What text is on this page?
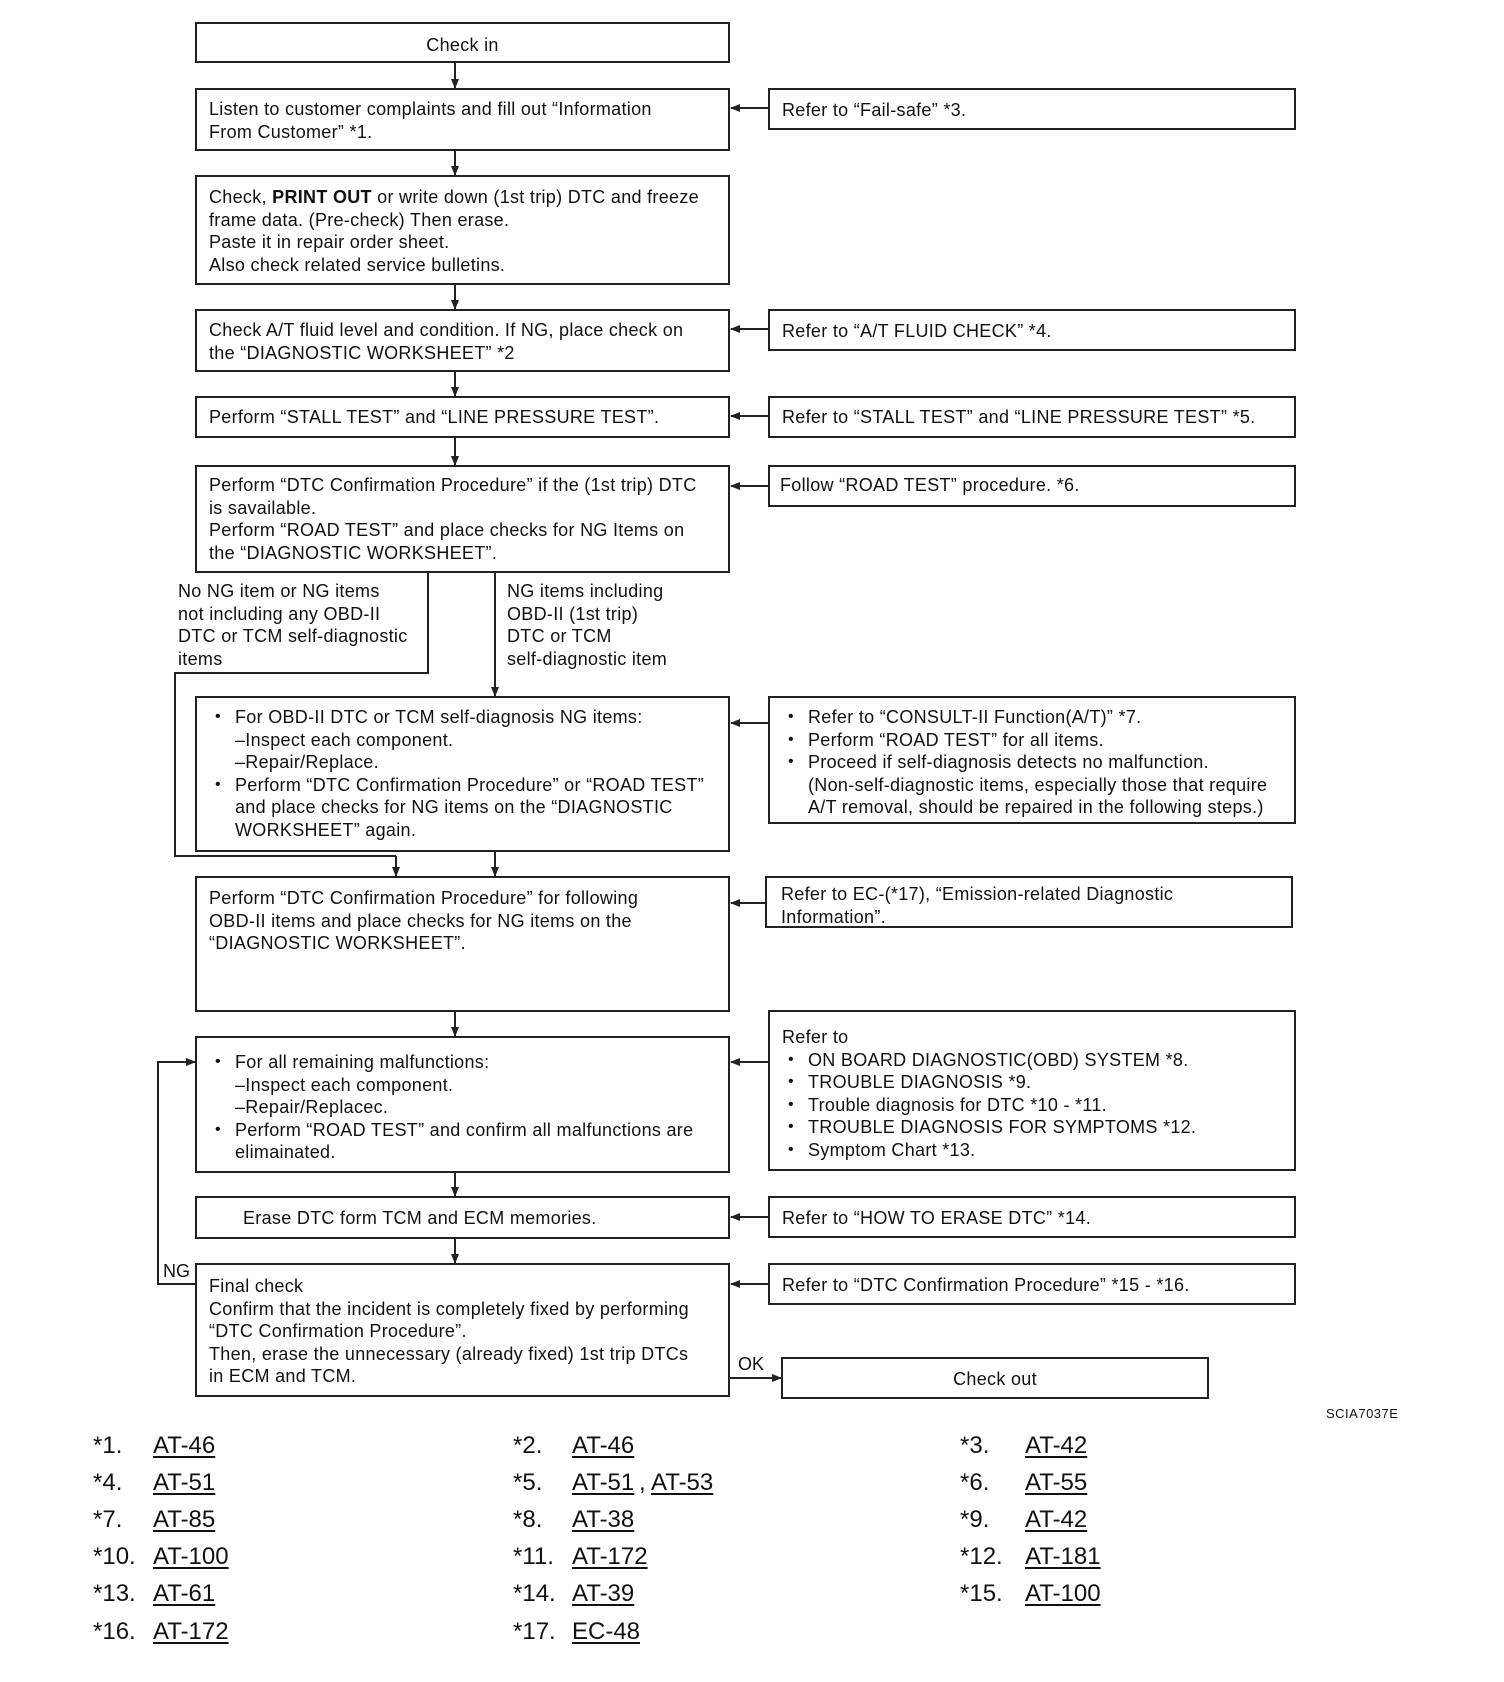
Check in
Listen to customer complaints and fill out “Information
From Customer” *1.
Check, PRINT OUT or write down (1st trip) DTC and freeze
frame data. (Pre-check) Then erase.
Paste it in repair order sheet.
Also check related service bulletins.
Check A/T fluid level and condition. If NG, place check on
the “DIAGNOSTIC WORKSHEET” *2
Perform “STALL TEST” and “LINE PRESSURE TEST”.
Perform “DTC Confirmation Procedure” if the (1st trip) DTC
is savailable.
Perform “ROAD TEST” and place checks for NG Items on
the “DIAGNOSTIC WORKSHEET”.
No NG item or NG items
not including any OBD-II
DTC or TCM self-diagnostic
items
NG items including
OBD-II (1st trip)
DTC or TCM
self-diagnostic item
• For OBD-II DTC or TCM self-diagnosis NG items:
–Inspect each component.
–Repair/Replace.
• Perform “DTC Confirmation Procedure” or “ROAD TEST”
and place checks for NG items on the “DIAGNOSTIC
WORKSHEET” again.
Perform “DTC Confirmation Procedure” for following
OBD-II items and place checks for NG items on the
“DIAGNOSTIC WORKSHEET”.
• For all remaining malfunctions:
–Inspect each component.
–Repair/Replacec.
• Perform “ROAD TEST” and confirm all malfunctions are
elimainated.
Erase DTC form TCM and ECM memories.
Final check
Confirm that the incident is completely fixed by performing
“DTC Confirmation Procedure”.
Then, erase the unnecessary (already fixed) 1st trip DTCs
in ECM and TCM.
NG
OK
Refer to “Fail-safe” *3.
Refer to “A/T FLUID CHECK” *4.
Refer to “STALL TEST” and “LINE PRESSURE TEST” *5.
Follow “ROAD TEST” procedure. *6.
• Refer to “CONSULT-II Function(A/T)” *7.
• Perform “ROAD TEST” for all items.
• Proceed if self-diagnosis detects no malfunction.
(Non-self-diagnostic items, especially those that require
A/T removal, should be repaired in the following steps.)
Refer to EC-(*17), “Emission-related Diagnostic
Information”.
Refer to
• ON BOARD DIAGNOSTIC(OBD) SYSTEM *8.
• TROUBLE DIAGNOSIS *9.
• Trouble diagnosis for DTC *10 - *11.
• TROUBLE DIAGNOSIS FOR SYMPTOMS *12.
• Symptom Chart *13.
Refer to “HOW TO ERASE DTC” *14.
Refer to “DTC Confirmation Procedure” *15 - *16.
Check out
SCIA7037E
*1. AT-46	*2. AT-46	*3. AT-42
*4. AT-51	*5. AT-51 , AT-53	*6. AT-55
*7. AT-85	*8. AT-38	*9. AT-42
*10. AT-100	*11. AT-172	*12. AT-181
*13. AT-61	*14. AT-39	*15. AT-100
*16. AT-172	*17. EC-48
